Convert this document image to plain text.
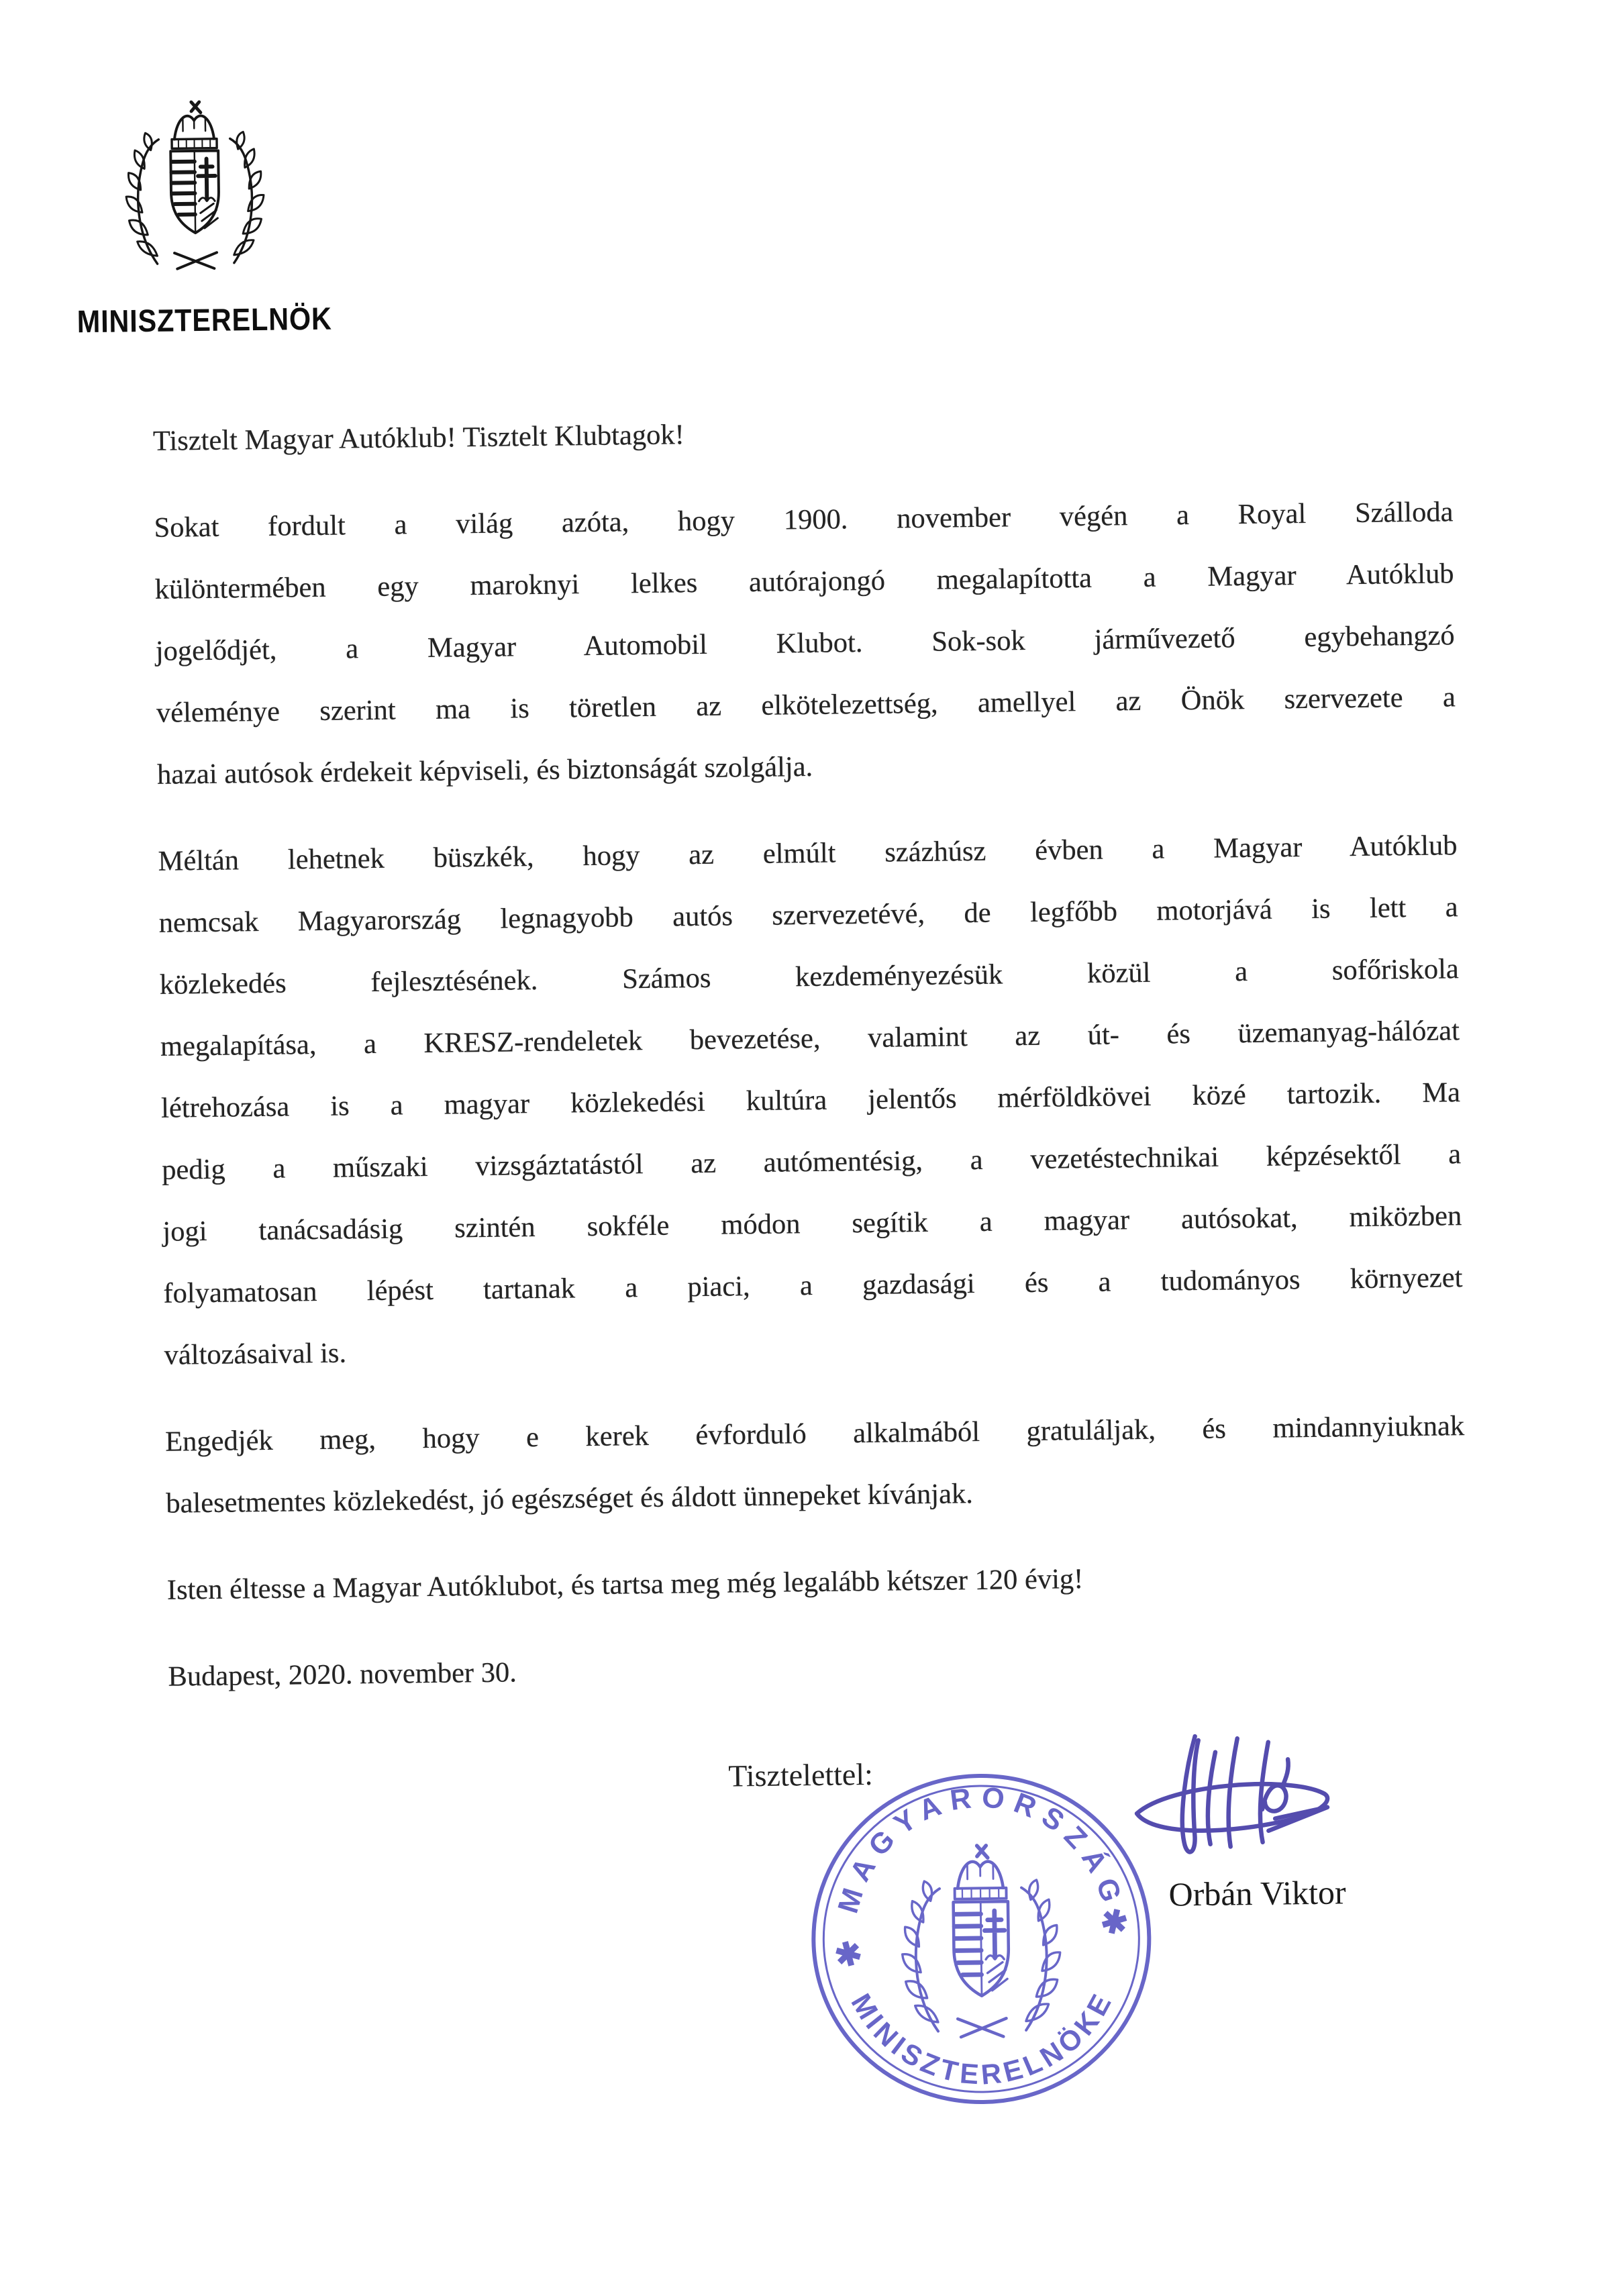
MINISZTERELNÖK
Tisztelt Magyar Autóklub! Tisztelt Klubtagok!
Sokat fordult a világ azóta, hogy 1900. november végén a Royal Szálloda
különtermében egy maroknyi lelkes autórajongó megalapította a Magyar Autóklub
jogelődjét, a Magyar Automobil Klubot. Sok-sok járművezető egybehangzó
véleménye szerint ma is töretlen az elkötelezettség, amellyel az Önök szervezete a
hazai autósok érdekeit képviseli, és biztonságát szolgálja.
Méltán lehetnek büszkék, hogy az elmúlt százhúsz évben a Magyar Autóklub
nemcsak Magyarország legnagyobb autós szervezetévé, de legfőbb motorjává is lett a
közlekedés fejlesztésének. Számos kezdeményezésük közül a sofőriskola
megalapítása, a KRESZ-rendeletek bevezetése, valamint az út- és üzemanyag-hálózat
létrehozása is a magyar közlekedési kultúra jelentős mérföldkövei közé tartozik. Ma
pedig a műszaki vizsgáztatástól az autómentésig, a vezetéstechnikai képzésektől a
jogi tanácsadásig szintén sokféle módon segítik a magyar autósokat, miközben
folyamatosan lépést tartanak a piaci, a gazdasági és a tudományos környezet
változásaival is.
Engedjék meg, hogy e kerek évforduló alkalmából gratuláljak, és mindannyiuknak
balesetmentes közlekedést, jó egészséget és áldott ünnepeket kívánjak.
Isten éltesse a Magyar Autóklubot, és tartsa meg még legalább kétszer 120 évig!
Budapest, 2020. november 30.
Tisztelettel:
MAGYARORSZÁG
MINISZTERELNÖKE
✱
✱
Orbán Viktor
